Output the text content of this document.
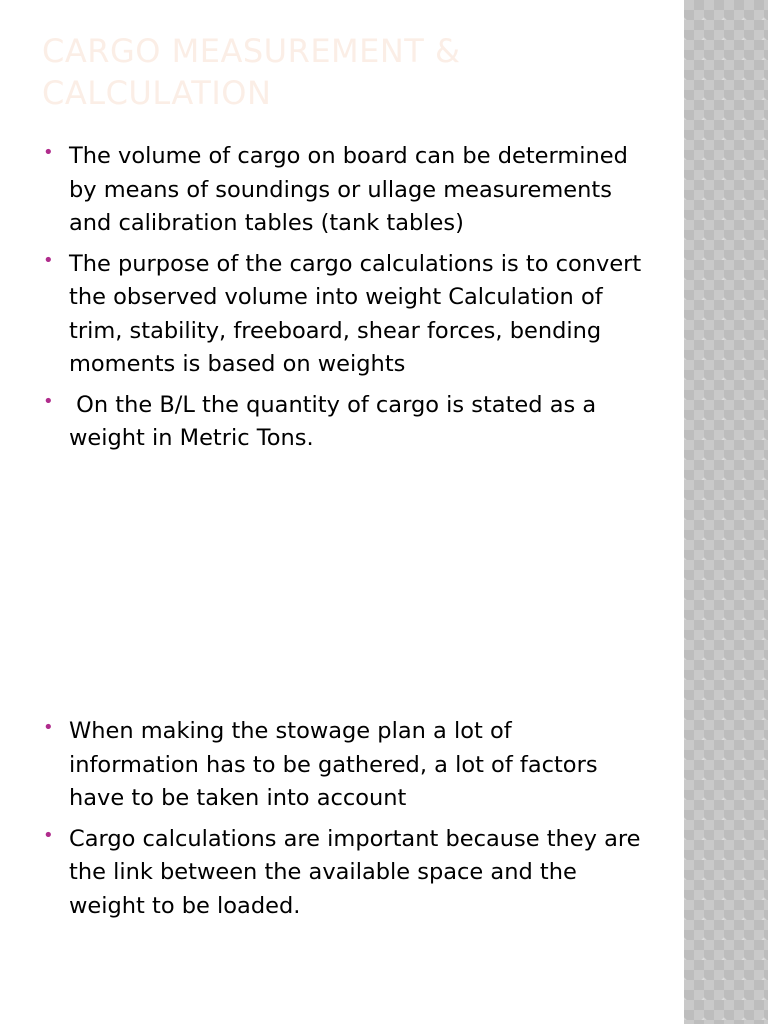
CARGO MEASUREMENT & CALCULATION
• The volume of cargo on board can be determined by means of soundings or ullage measurements and calibration tables (tank tables)
• The purpose of the cargo calculations is to convert the observed volume into weight Calculation of trim, stability, freeboard, shear forces, bending moments is based on weights
• On the B/L the quantity of cargo is stated as a weight in Metric Tons.
• When making the stowage plan a lot of information has to be gathered, a lot of factors have to be taken into account
• Cargo calculations are important because they are the link between the available space and the weight to be loaded.
